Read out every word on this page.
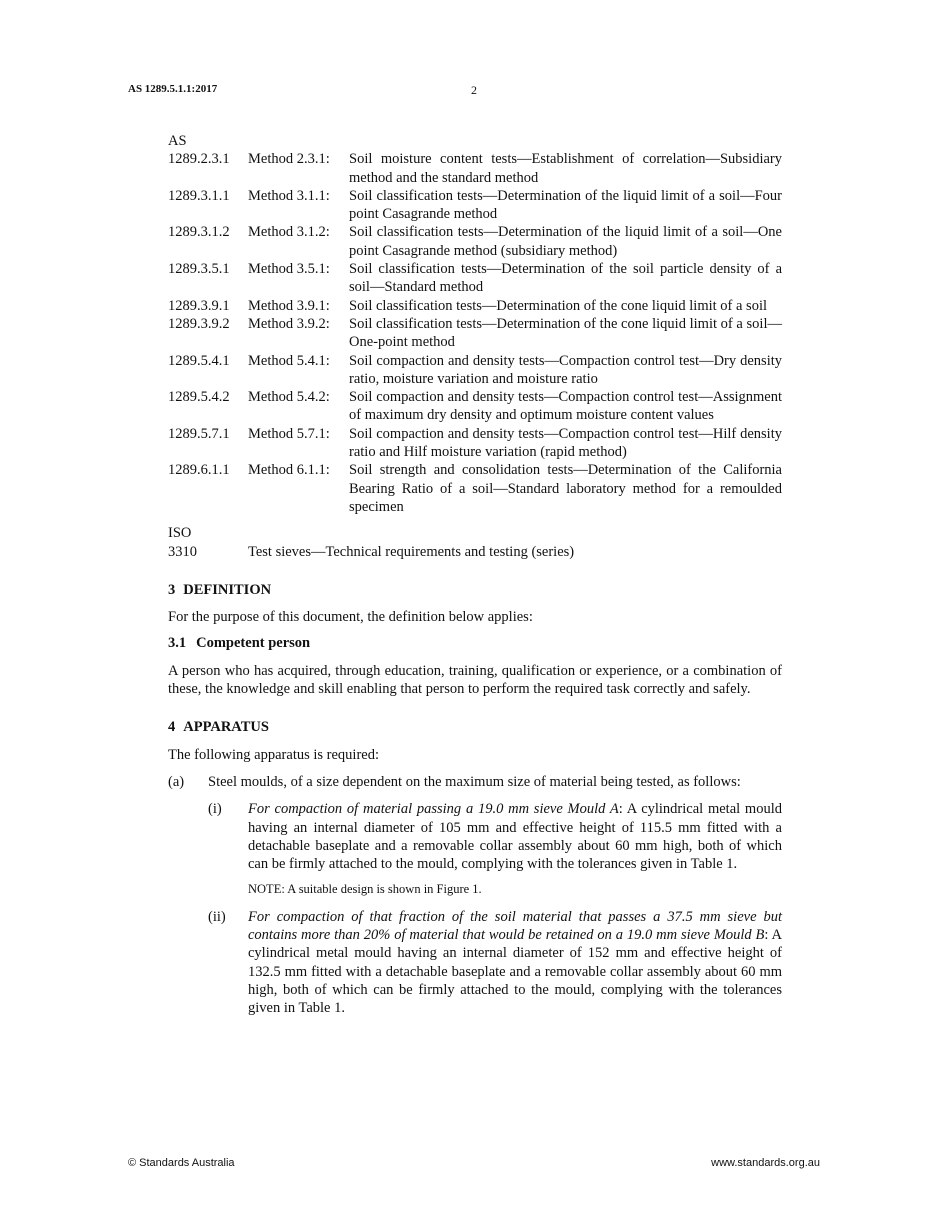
AS 1289.5.1.1:2017	2
AS
1289.2.3.1	Method 2.3.1:	Soil moisture content tests—Establishment of correlation—Subsidiary method and the standard method
1289.3.1.1	Method 3.1.1:	Soil classification tests—Determination of the liquid limit of a soil—Four point Casagrande method
1289.3.1.2	Method 3.1.2:	Soil classification tests—Determination of the liquid limit of a soil—One point Casagrande method (subsidiary method)
1289.3.5.1	Method 3.5.1:	Soil classification tests—Determination of the soil particle density of a soil—Standard method
1289.3.9.1	Method 3.9.1:	Soil classification tests—Determination of the cone liquid limit of a soil
1289.3.9.2	Method 3.9.2:	Soil classification tests—Determination of the cone liquid limit of a soil—One-point method
1289.5.4.1	Method 5.4.1:	Soil compaction and density tests—Compaction control test—Dry density ratio, moisture variation and moisture ratio
1289.5.4.2	Method 5.4.2:	Soil compaction and density tests—Compaction control test—Assignment of maximum dry density and optimum moisture content values
1289.5.7.1	Method 5.7.1:	Soil compaction and density tests—Compaction control test—Hilf density ratio and Hilf moisture variation (rapid method)
1289.6.1.1	Method 6.1.1:	Soil strength and consolidation tests—Determination of the California Bearing Ratio of a soil—Standard laboratory method for a remoulded specimen
ISO
3310	Test sieves—Technical requirements and testing (series)
3 DEFINITION

For the purpose of this document, the definition below applies:

3.1 Competent person

A person who has acquired, through education, training, qualification or experience, or a combination of these, the knowledge and skill enabling that person to perform the required task correctly and safely.

4 APPARATUS

The following apparatus is required:

(a)	Steel moulds, of a size dependent on the maximum size of material being tested, as follows:
(i)	For compaction of material passing a 19.0 mm sieve Mould A: A cylindrical metal mould having an internal diameter of 105 mm and effective height of 115.5 mm fitted with a detachable baseplate and a removable collar assembly about 60 mm high, both of which can be firmly attached to the mould, complying with the tolerances given in Table 1.
NOTE: A suitable design is shown in Figure 1.
(ii)	For compaction of that fraction of the soil material that passes a 37.5 mm sieve but contains more than 20% of material that would be retained on a 19.0 mm sieve Mould B: A cylindrical metal mould having an internal diameter of 152 mm and effective height of 132.5 mm fitted with a detachable baseplate and a removable collar assembly about 60 mm high, both of which can be firmly attached to the mould, complying with the tolerances given in Table 1.
© Standards Australia	www.standards.org.au
